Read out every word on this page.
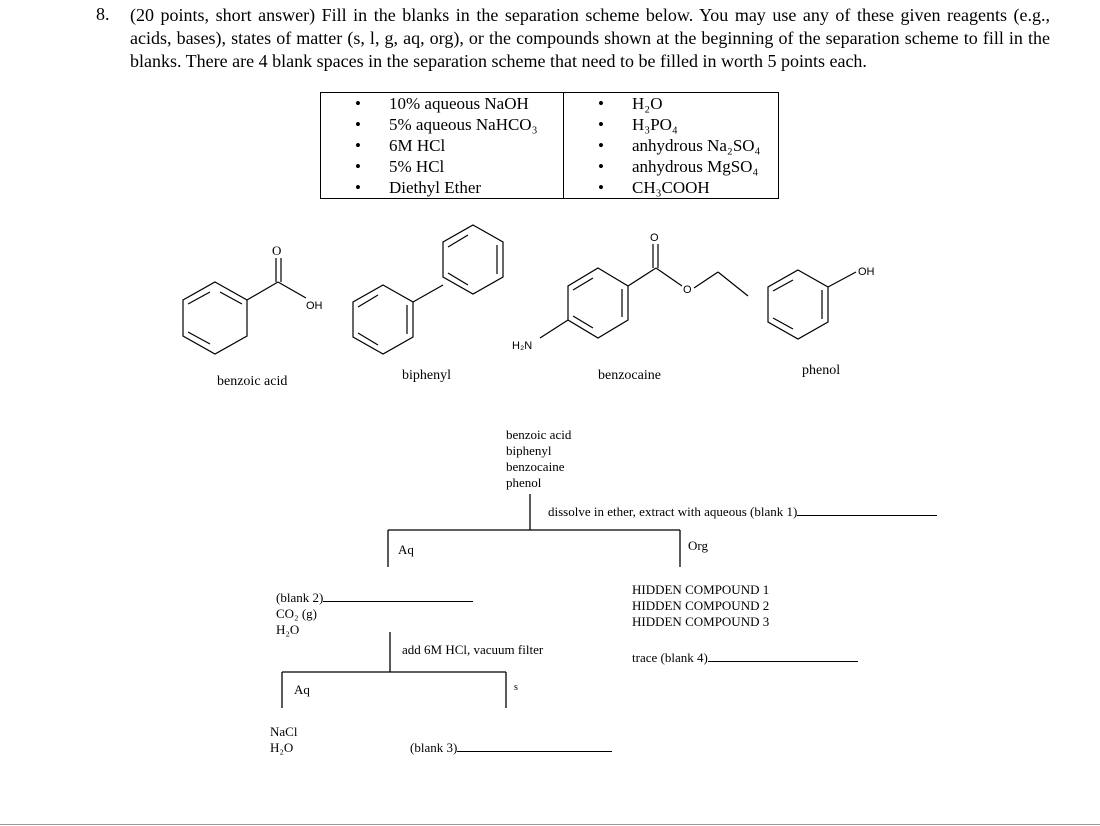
8. (20 points, short answer) Fill in the blanks in the separation scheme below. You may use any of these given reagents (e.g., acids, bases), states of matter (s, l, g, aq, org), or the compounds shown at the beginning of the separation scheme to fill in the blanks. There are 4 blank spaces in the separation scheme that need to be filled in worth 5 points each.
•	10% aqueous NaOH
•	5% aqueous NaHCO₃
•	6M HCl
•	5% HCl
•	Diethyl Ether

•	H₂O
•	H₃PO₄
•	anhydrous Na₂SO₄
•	anhydrous MgSO₄
•	CH₃COOH
O
OH
O
O
H₂N
OH
benzoic acid	biphenyl	benzocaine	phenol
benzoic acid
biphenyl
benzocaine
phenol
dissolve in ether, extract with aqueous (blank 1)
Aq	Org
(blank 2)
CO₂ (g)
H₂O
HIDDEN COMPOUND 1
HIDDEN COMPOUND 2
HIDDEN COMPOUND 3
trace (blank 4)
add 6M HCl, vacuum filter
Aq	s
NaCl
H₂O	(blank 3)
